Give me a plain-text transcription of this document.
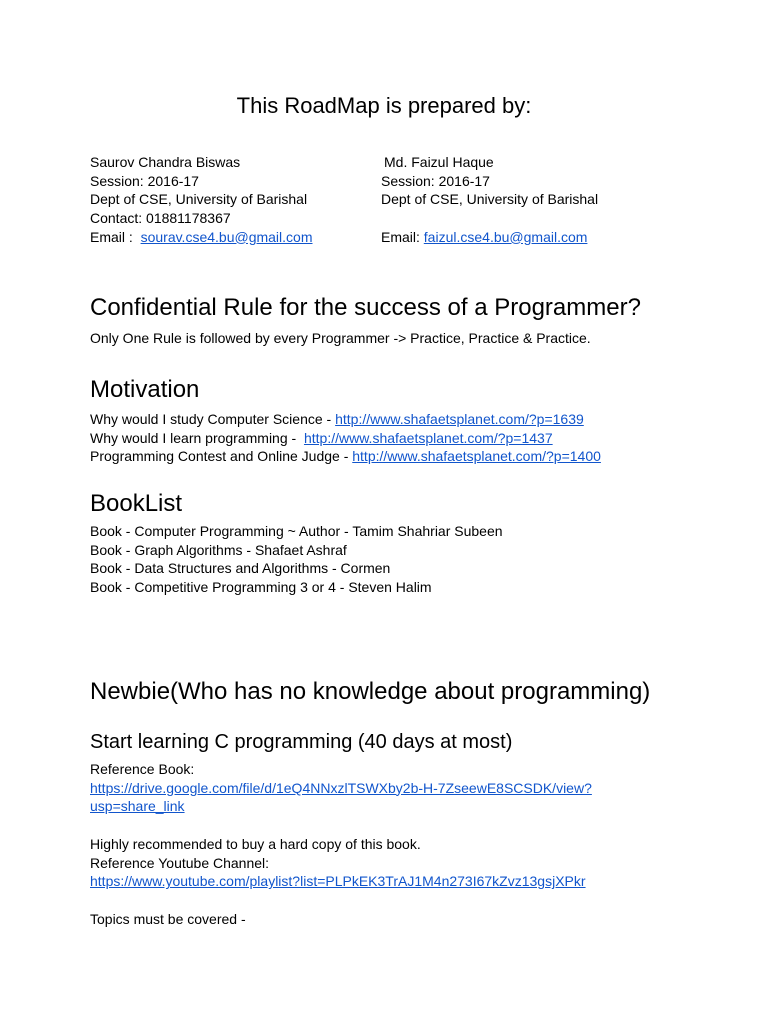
This RoadMap is prepared by:
Saurov Chandra Biswas
Session: 2016-17
Dept of CSE, University of Barishal
Contact: 01881178367
Email :  sourav.cse4.bu@gmail.com
Md. Faizul Haque
Session: 2016-17
Dept of CSE, University of Barishal
Email: faizul.cse4.bu@gmail.com
Confidential Rule for the success of a Programmer?
Only One Rule is followed by every Programmer -> Practice, Practice & Practice.
Motivation
Why would I study Computer Science - http://www.shafaetsplanet.com/?p=1639
Why would I learn programming -  http://www.shafaetsplanet.com/?p=1437
Programming Contest and Online Judge - http://www.shafaetsplanet.com/?p=1400
BookList
Book - Computer Programming ~ Author - Tamim Shahriar Subeen
Book - Graph Algorithms - Shafaet Ashraf
Book - Data Structures and Algorithms - Cormen
Book - Competitive Programming 3 or 4 - Steven Halim
Newbie(Who has no knowledge about programming)
Start learning C programming (40 days at most)
Reference Book:
https://drive.google.com/file/d/1eQ4NNxzlTSWXby2b-H-7ZseewE8SCSDK/view?
usp=share_link
Highly recommended to buy a hard copy of this book.
Reference Youtube Channel:
https://www.youtube.com/playlist?list=PLPkEK3TrAJ1M4n273I67kZvz13gsjXPkr
Topics must be covered -
